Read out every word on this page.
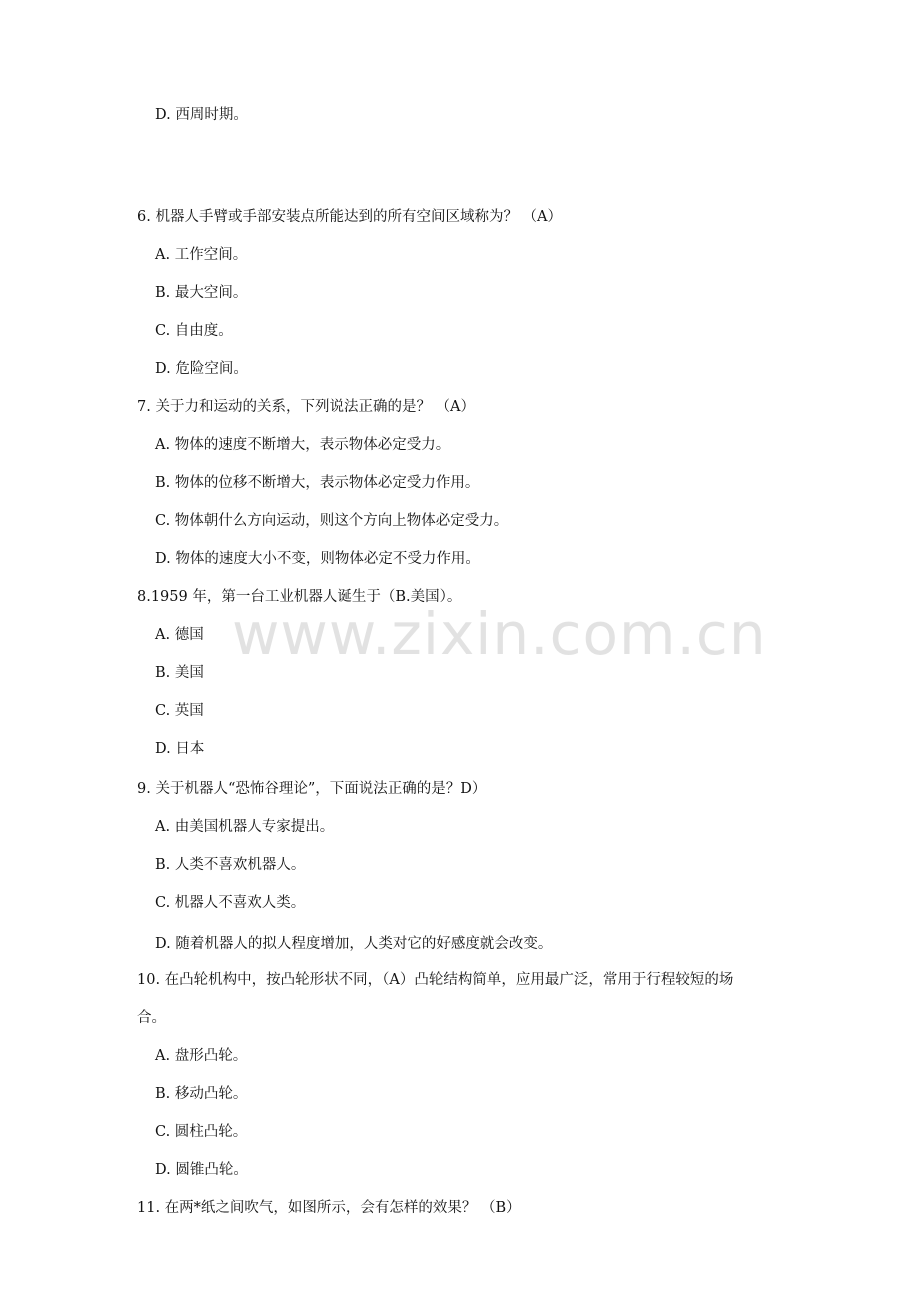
D. 西周时期。
6. 机器人手臂或手部安装点所能达到的所有空间区域称为？ （A）
A. 工作空间。
B. 最大空间。
C. 自由度。
D. 危险空间。
7. 关于力和运动的关系，下列说法正确的是？ （A）
A. 物体的速度不断增大，表示物体必定受力。
B. 物体的位移不断增大，表示物体必定受力作用。
C. 物体朝什么方向运动，则这个方向上物体必定受力。
D. 物体的速度大小不变，则物体必定不受力作用。
8.1959 年，第一台工业机器人诞生于（B.美国）。
A. 德国
B. 美国
C. 英国
D. 日本
9. 关于机器人“恐怖谷理论”，下面说法正确的是？D）
A. 由美国机器人专家提出。
B. 人类不喜欢机器人。
C. 机器人不喜欢人类。
D. 随着机器人的拟人程度增加，人类对它的好感度就会改变。
10. 在凸轮机构中，按凸轮形状不同，（A）凸轮结构简单，应用最广泛，常用于行程较短的场
合。
A. 盘形凸轮。
B. 移动凸轮。
C. 圆柱凸轮。
D. 圆锥凸轮。
11. 在两*纸之间吹气，如图所示，会有怎样的效果？ （B）
www.zixin.com.cn
